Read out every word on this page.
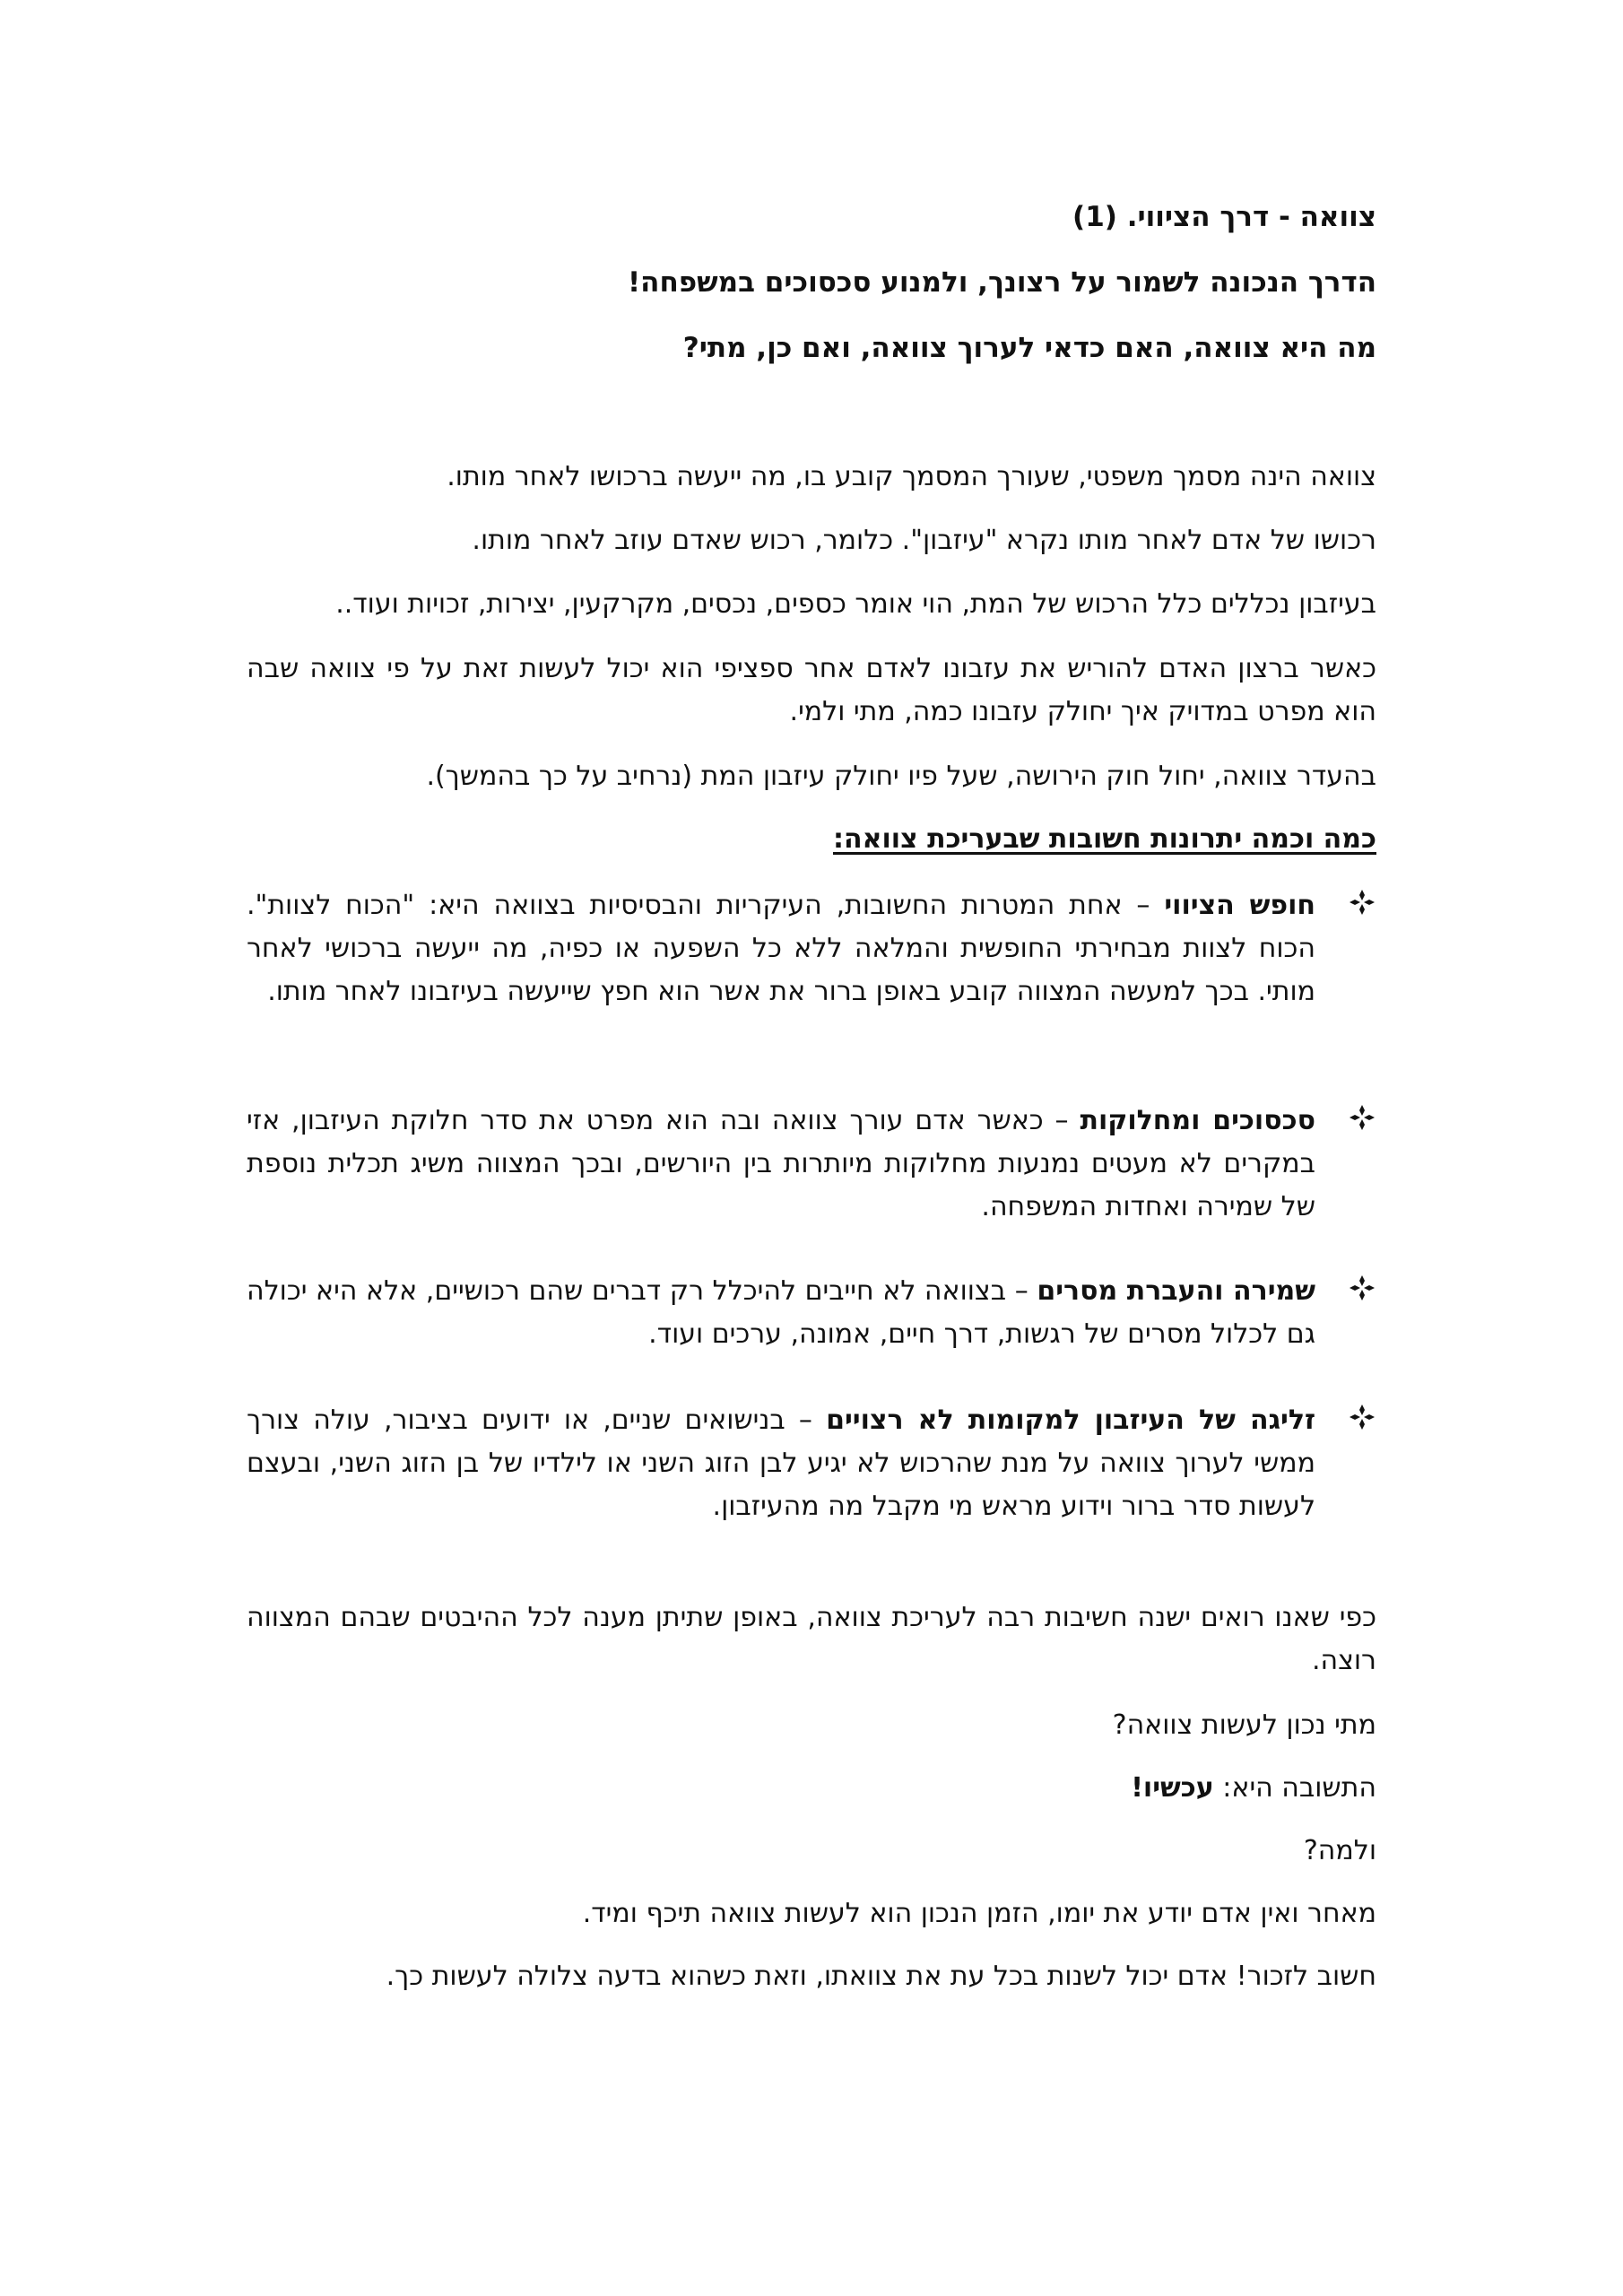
צוואה - דרך הציווי. (1)
הדרך הנכונה לשמור על רצונך, ולמנוע סכסוכים במשפחה!
מה היא צוואה, האם כדאי לערוך צוואה, ואם כן, מתי?
צוואה הינה מסמך משפטי, שעורך המסמך קובע בו, מה ייעשה ברכושו לאחר מותו.
רכושו של אדם לאחר מותו נקרא "עיזבון". כלומר, רכוש שאדם עוזב לאחר מותו.
בעיזבון נכללים כלל הרכוש של המת, הוי אומר כספים, נכסים, מקרקעין, יצירות, זכויות ועוד..
כאשר ברצון האדם להוריש את עזבונו לאדם אחר ספציפי הוא יכול לעשות זאת על פי צוואה שבה הוא מפרט במדויק איך יחולק עזבונו כמה, מתי ולמי.
בהעדר צוואה, יחול חוק הירושה, שעל פיו יחולק עיזבון המת (נרחיב על כך בהמשך).
כמה וכמה יתרונות חשובות שבעריכת צוואה:
חופש הציווי – אחת המטרות החשובות, העיקריות והבסיסיות בצוואה היא: "הכוח לצוות". הכוח לצוות מבחירתי החופשית והמלאה ללא כל השפעה או כפיה, מה ייעשה ברכושי לאחר מותי. בכך למעשה המצווה קובע באופן ברור את אשר הוא חפץ שייעשה בעיזבונו לאחר מותו.
סכסוכים ומחלוקות – כאשר אדם עורך צוואה ובה הוא מפרט את סדר חלוקת העיזבון, אזי במקרים לא מעטים נמנעות מחלוקות מיותרות בין היורשים, ובכך המצווה משיג תכלית נוספת של שמירה ואחדות המשפחה.
שמירה והעברת מסרים – בצוואה לא חייבים להיכלל רק דברים שהם רכושיים, אלא היא יכולה גם לכלול מסרים של רגשות, דרך חיים, אמונה, ערכים ועוד.
זליגה של העיזבון למקומות לא רצויים – בנישואים שניים, או ידועים בציבור, עולה צורך ממשי לערוך צוואה על מנת שהרכוש לא יגיע לבן הזוג השני או לילדיו של בן הזוג השני, ובעצם לעשות סדר ברור וידוע מראש מי מקבל מה מהעיזבון.
כפי שאנו רואים ישנה חשיבות רבה לעריכת צוואה, באופן שתיתן מענה לכל ההיבטים שבהם המצווה רוצה.
מתי נכון לעשות צוואה?
התשובה היא: עכשיו!
ולמה?
מאחר ואין אדם יודע את יומו, הזמן הנכון הוא לעשות צוואה תיכף ומיד.
חשוב לזכור! אדם יכול לשנות בכל עת את צוואתו, וזאת כשהוא בדעה צלולה לעשות כך.
